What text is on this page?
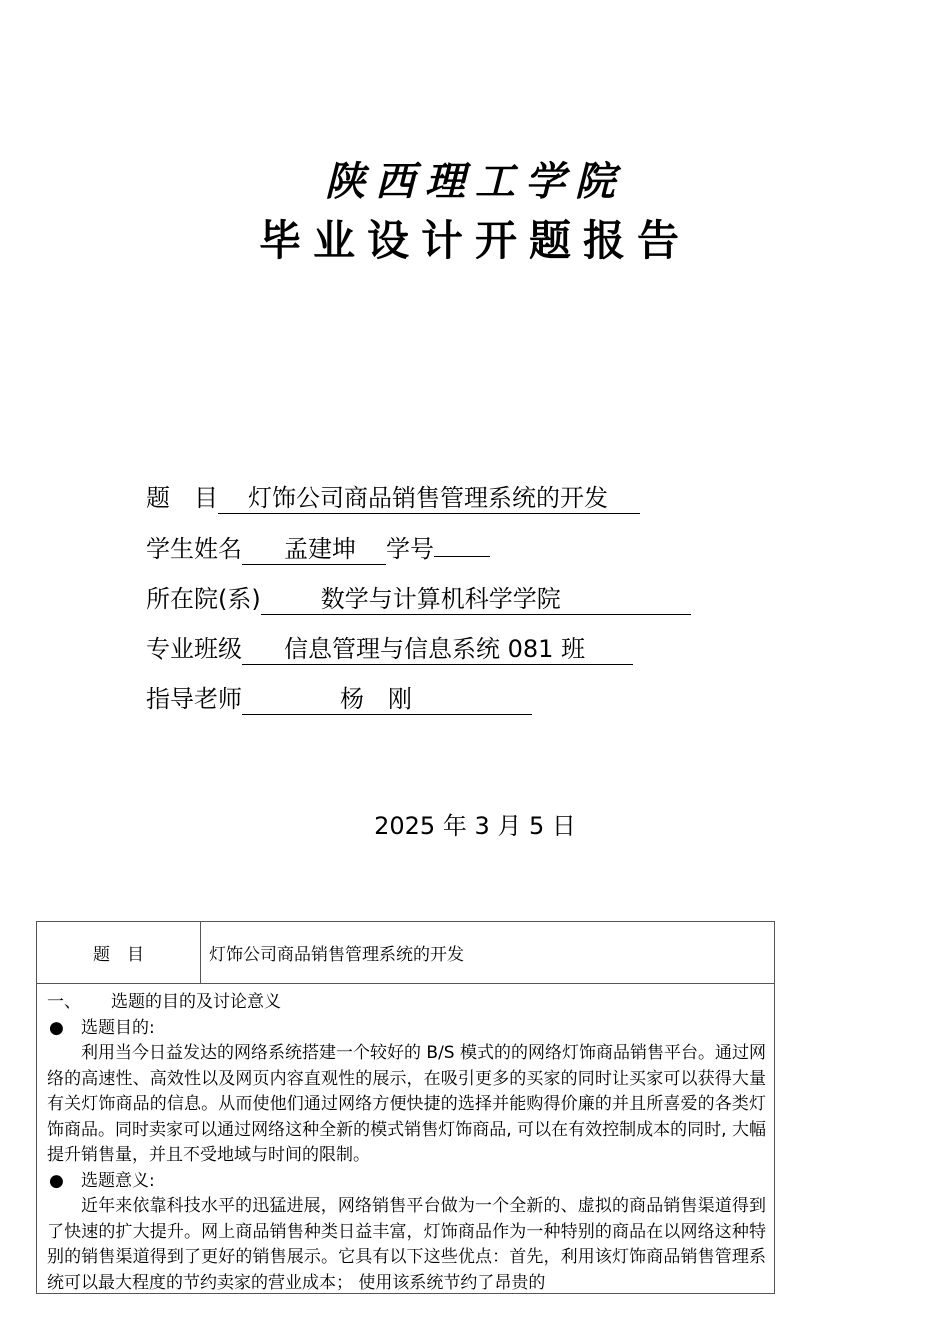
陕西理工学院
毕业设计开题报告
题　目 灯饰公司商品销售管理系统的开发
学生姓名 孟建坤 学号
所在院(系)	数学与计算机科学学院
专业班级 信息管理与信息系统 081 班
指导老师	杨　刚
2025 年 3 月 5 日
题　目	灯饰公司商品销售管理系统的开发
一、 选题的目的及讨论意义
● 选题目的:
利用当今日益发达的网络系统搭建一个较好的 B/S 模式的的网络灯饰商品销售平台。通过网络的高速性、高效性以及网页内容直观性的展示，在吸引更多的买家的同时让买家可以获得大量有关灯饰商品的信息。从而使他们通过网络方便快捷的选择并能购得价廉的并且所喜爱的各类灯饰商品。同时卖家可以通过网络这种全新的模式销售灯饰商品, 可以在有效控制成本的同时, 大幅提升销售量，并且不受地域与时间的限制。
● 选题意义:
近年来依靠科技水平的迅猛进展，网络销售平台做为一个全新的、虚拟的商品销售渠道得到了快速的扩大提升。网上商品销售种类日益丰富，灯饰商品作为一种特别的商品在以网络这种特别的销售渠道得到了更好的销售展示。它具有以下这些优点：首先，利用该灯饰商品销售管理系统可以最大程度的节约卖家的营业成本； 使用该系统节约了昂贵的
